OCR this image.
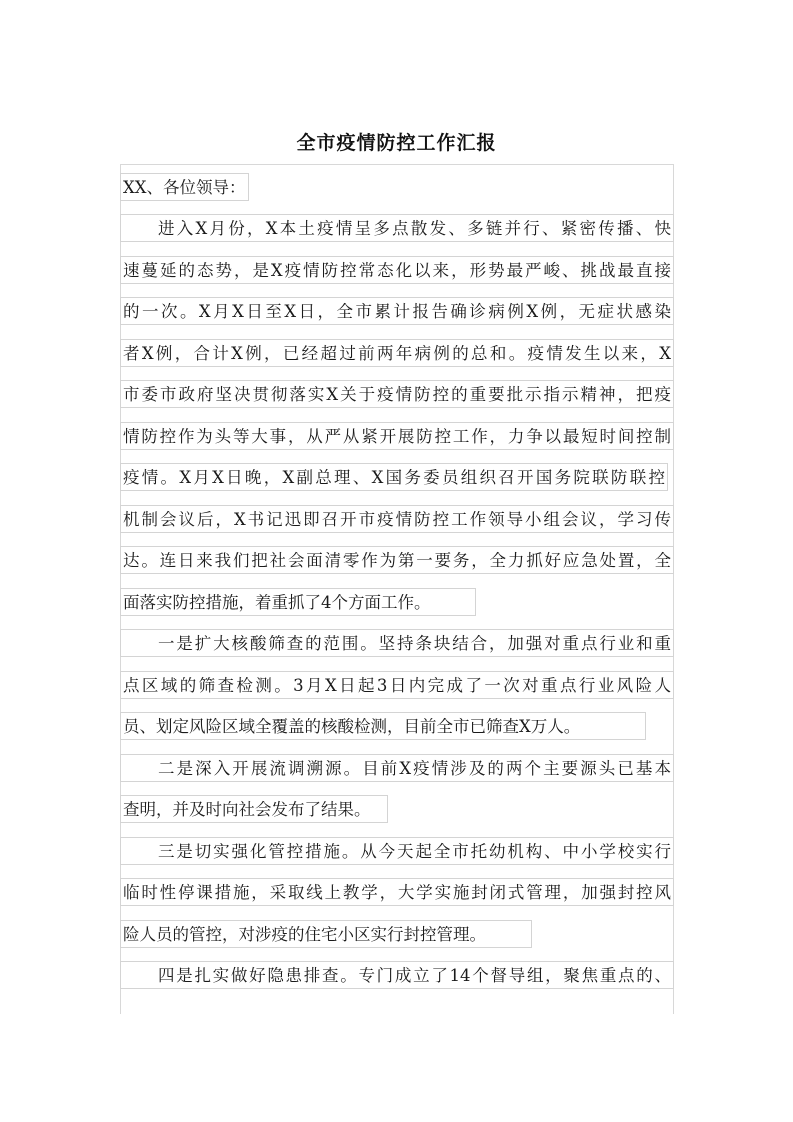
全市疫情防控工作汇报
XX、各位领导：
进入X月份，X本土疫情呈多点散发、多链并行、紧密传播、快
速蔓延的态势，是X疫情防控常态化以来，形势最严峻、挑战最直接
的一次。X月X日至X日，全市累计报告确诊病例X例，无症状感染
者X例，合计X例，已经超过前两年病例的总和。疫情发生以来，X
市委市政府坚决贯彻落实X关于疫情防控的重要批示指示精神，把疫
情防控作为头等大事，从严从紧开展防控工作，力争以最短时间控制
疫情。X月X日晚，X副总理、X国务委员组织召开国务院联防联控
机制会议后，X书记迅即召开市疫情防控工作领导小组会议，学习传
达。连日来我们把社会面清零作为第一要务，全力抓好应急处置，全
面落实防控措施，着重抓了4个方面工作。
一是扩大核酸筛查的范围。坚持条块结合，加强对重点行业和重
点区域的筛查检测。3月X日起3日内完成了一次对重点行业风险人
员、划定风险区域全覆盖的核酸检测，目前全市已筛查X万人。
二是深入开展流调溯源。目前X疫情涉及的两个主要源头已基本
查明，并及时向社会发布了结果。
三是切实强化管控措施。从今天起全市托幼机构、中小学校实行
临时性停课措施，采取线上教学，大学实施封闭式管理，加强封控风
险人员的管控，对涉疫的住宅小区实行封控管理。
四是扎实做好隐患排查。专门成立了14个督导组，聚焦重点的、
